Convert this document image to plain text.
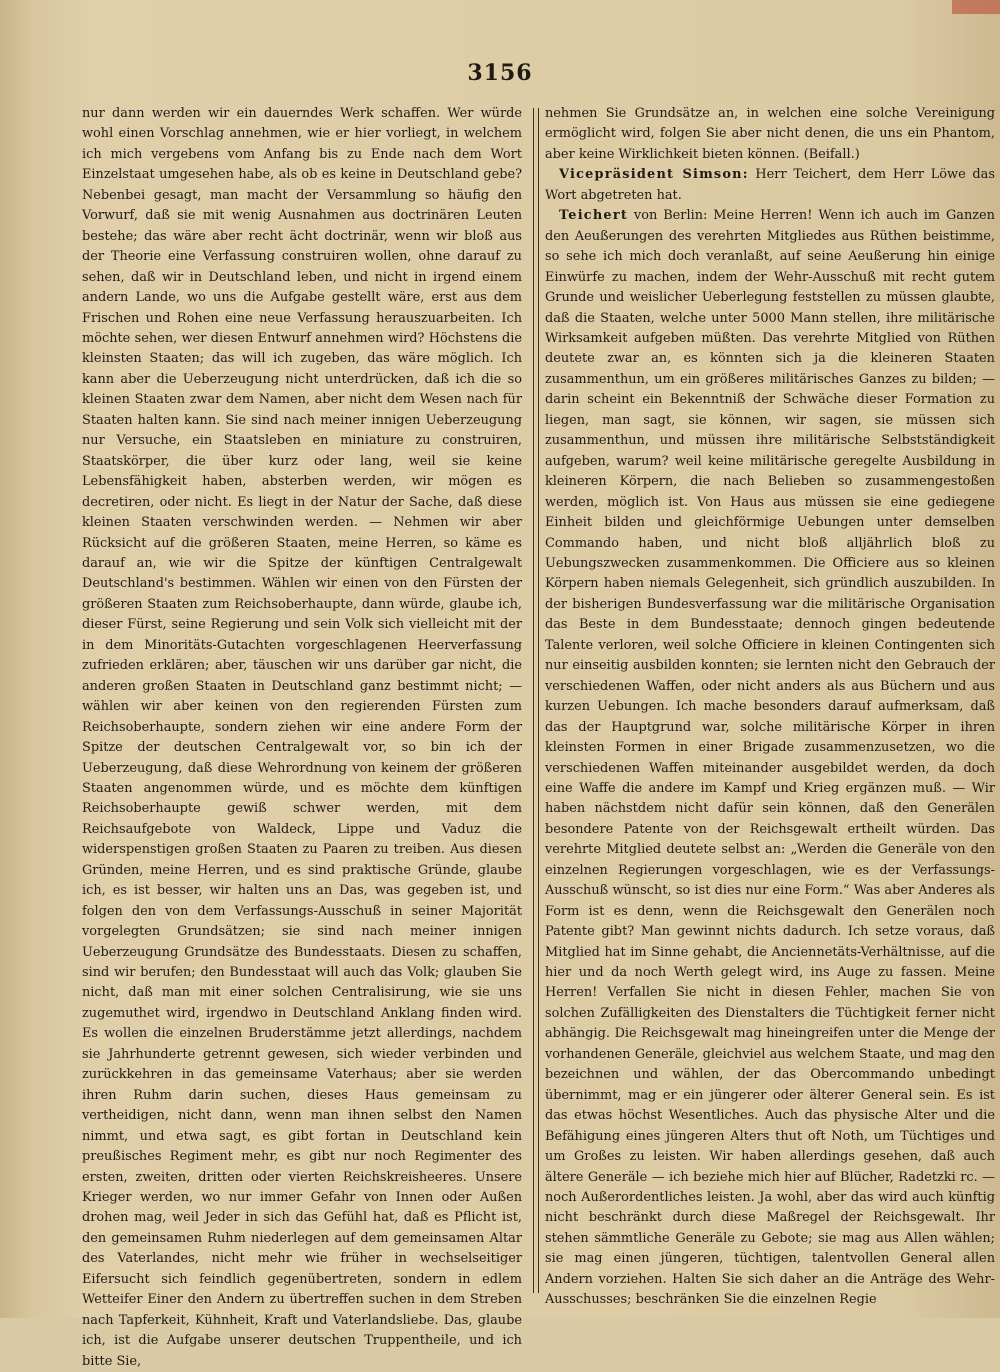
3156

nur dann werden wir ein dauerndes Werk schaffen. Wer würde wohl einen Vorschlag annehmen, wie er hier vorliegt, in welchem ich mich vergebens vom Anfang bis zu Ende nach dem Wort Einzelstaat umgesehen habe, als ob es keine in Deutschland gebe? Nebenbei gesagt, man macht der Versammlung so häufig den Vorwurf, daß sie mit wenig Ausnahmen aus doctrinären Leuten bestehe; das wäre aber recht ächt doctrinär, wenn wir bloß aus der Theorie eine Verfassung construiren wollen, ohne darauf zu sehen, daß wir in Deutschland leben, und nicht in irgend einem andern Lande, wo uns die Aufgabe gestellt wäre, erst aus dem Frischen und Rohen eine neue Verfassung herauszuarbeiten. Ich möchte sehen, wer diesen Entwurf annehmen wird? Höchstens die kleinsten Staaten; das will ich zugeben, das wäre möglich. Ich kann aber die Ueberzeugung nicht unterdrücken, daß ich die so kleinen Staaten zwar dem Namen, aber nicht dem Wesen nach für Staaten halten kann. Sie sind nach meiner innigen Ueberzeugung nur Versuche, ein Staatsleben en miniature zu construiren, Staatskörper, die über kurz oder lang, weil sie keine Lebensfähigkeit haben, absterben werden, wir mögen es decretiren, oder nicht. Es liegt in der Natur der Sache, daß diese kleinen Staaten verschwinden werden. — Nehmen wir aber Rücksicht auf die größeren Staaten, meine Herren, so käme es darauf an, wie wir die Spitze der künftigen Centralgewalt Deutschland's bestimmen. Wählen wir einen von den Fürsten der größeren Staaten zum Reichsoberhaupte, dann würde, glaube ich, dieser Fürst, seine Regierung und sein Volk sich vielleicht mit der in dem Minoritäts-Gutachten vorgeschlagenen Heerverfassung zufrieden erklären; aber, täuschen wir uns darüber gar nicht, die anderen großen Staaten in Deutschland ganz bestimmt nicht; — wählen wir aber keinen von den regierenden Fürsten zum Reichsoberhaupte, sondern ziehen wir eine andere Form der Spitze der deutschen Centralgewalt vor, so bin ich der Ueberzeugung, daß diese Wehrordnung von keinem der größeren Staaten angenommen würde, und es möchte dem künftigen Reichsoberhaupte gewiß schwer werden, mit dem Reichsaufgebote von Waldeck, Lippe und Vaduz die widerspenstigen großen Staaten zu Paaren zu treiben. Aus diesen Gründen, meine Herren, und es sind praktische Gründe, glaube ich, es ist besser, wir halten uns an Das, was gegeben ist, und folgen den von dem Verfassungs-Ausschuß in seiner Majorität vorgelegten Grundsätzen; sie sind nach meiner innigen Ueberzeugung Grundsätze des Bundesstaats. Diesen zu schaffen, sind wir berufen; den Bundesstaat will auch das Volk; glauben Sie nicht, daß man mit einer solchen Centralisirung, wie sie uns zugemuthet wird, irgendwo in Deutschland Anklang finden wird. Es wollen die einzelnen Bruderstämme jetzt allerdings, nachdem sie Jahrhunderte getrennt gewesen, sich wieder verbinden und zurückkehren in das gemeinsame Vaterhaus; aber sie werden ihren Ruhm darin suchen, dieses Haus gemeinsam zu vertheidigen, nicht dann, wenn man ihnen selbst den Namen nimmt, und etwa sagt, es gibt fortan in Deutschland kein preußisches Regiment mehr, es gibt nur noch Regimenter des ersten, zweiten, dritten oder vierten Reichskreisheeres. Unsere Krieger werden, wo nur immer Gefahr von Innen oder Außen drohen mag, weil Jeder in sich das Gefühl hat, daß es Pflicht ist, den gemeinsamen Ruhm niederlegen auf dem gemeinsamen Altar des Vaterlandes, nicht mehr wie früher in wechselseitiger Eifersucht sich feindlich gegenübertreten, sondern in edlem Wetteifer Einer den Andern zu übertreffen suchen in dem Streben nach Tapferkeit, Kühnheit, Kraft und Vaterlandsliebe. Das, glaube ich, ist die Aufgabe unserer deutschen Truppentheile, und ich bitte Sie,

nehmen Sie Grundsätze an, in welchen eine solche Vereinigung ermöglicht wird, folgen Sie aber nicht denen, die uns ein Phantom, aber keine Wirklichkeit bieten können. (Beifall.)

Vicepräsident Simson: Herr Teichert, dem Herr Löwe das Wort abgetreten hat.

Teichert von Berlin: Meine Herren! Wenn ich auch im Ganzen den Aeußerungen des verehrten Mitgliedes aus Rüthen beistimme, so sehe ich mich doch veranlaßt, auf seine Aeußerung hin einige Einwürfe zu machen, indem der Wehr-Ausschuß mit recht gutem Grunde und weislicher Ueberlegung feststellen zu müssen glaubte, daß die Staaten, welche unter 5000 Mann stellen, ihre militärische Wirksamkeit aufgeben müßten. Das verehrte Mitglied von Rüthen deutete zwar an, es könnten sich ja die kleineren Staaten zusammenthun, um ein größeres militärisches Ganzes zu bilden; — darin scheint ein Bekenntniß der Schwäche dieser Formation zu liegen, man sagt, sie können, wir sagen, sie müssen sich zusammenthun, und müssen ihre militärische Selbstständigkeit aufgeben, warum? weil keine militärische geregelte Ausbildung in kleineren Körpern, die nach Belieben so zusammengestoßen werden, möglich ist. Von Haus aus müssen sie eine gediegene Einheit bilden und gleichförmige Uebungen unter demselben Commando haben, und nicht bloß alljährlich bloß zu Uebungszwecken zusammenkommen. Die Officiere aus so kleinen Körpern haben niemals Gelegenheit, sich gründlich auszubilden. In der bisherigen Bundesverfassung war die militärische Organisation das Beste in dem Bundesstaate; dennoch gingen bedeutende Talente verloren, weil solche Officiere in kleinen Contingenten sich nur einseitig ausbilden konnten; sie lernten nicht den Gebrauch der verschiedenen Waffen, oder nicht anders als aus Büchern und aus kurzen Uebungen. Ich mache besonders darauf aufmerksam, daß das der Hauptgrund war, solche militärische Körper in ihren kleinsten Formen in einer Brigade zusammenzusetzen, wo die verschiedenen Waffen miteinander ausgebildet werden, da doch eine Waffe die andere im Kampf und Krieg ergänzen muß. — Wir haben nächstdem nicht dafür sein können, daß den Generälen besondere Patente von der Reichsgewalt ertheilt würden. Das verehrte Mitglied deutete selbst an: „Werden die Generäle von den einzelnen Regierungen vorgeschlagen, wie es der Verfassungs-Ausschuß wünscht, so ist dies nur eine Form.“ Was aber Anderes als Form ist es denn, wenn die Reichsgewalt den Generälen noch Patente gibt? Man gewinnt nichts dadurch. Ich setze voraus, daß Mitglied hat im Sinne gehabt, die Anciennetäts-Verhältnisse, auf die hier und da noch Werth gelegt wird, ins Auge zu fassen. Meine Herren! Verfallen Sie nicht in diesen Fehler, machen Sie von solchen Zufälligkeiten des Dienstalters die Tüchtigkeit ferner nicht abhängig. Die Reichsgewalt mag hineingreifen unter die Menge der vorhandenen Generäle, gleichviel aus welchem Staate, und mag den bezeichnen und wählen, der das Obercommando unbedingt übernimmt, mag er ein jüngerer oder älterer General sein. Es ist das etwas höchst Wesentliches. Auch das physische Alter und die Befähigung eines jüngeren Alters thut oft Noth, um Tüchtiges und um Großes zu leisten. Wir haben allerdings gesehen, daß auch ältere Generäle — ich beziehe mich hier auf Blücher, Radetzki rc. — noch Außerordentliches leisten. Ja wohl, aber das wird auch künftig nicht beschränkt durch diese Maßregel der Reichsgewalt. Ihr stehen sämmtliche Generäle zu Gebote; sie mag aus Allen wählen; sie mag einen jüngeren, tüchtigen, talentvollen General allen Andern vorziehen. Halten Sie sich daher an die Anträge des Wehr-Ausschusses; beschränken Sie die einzelnen Regie
